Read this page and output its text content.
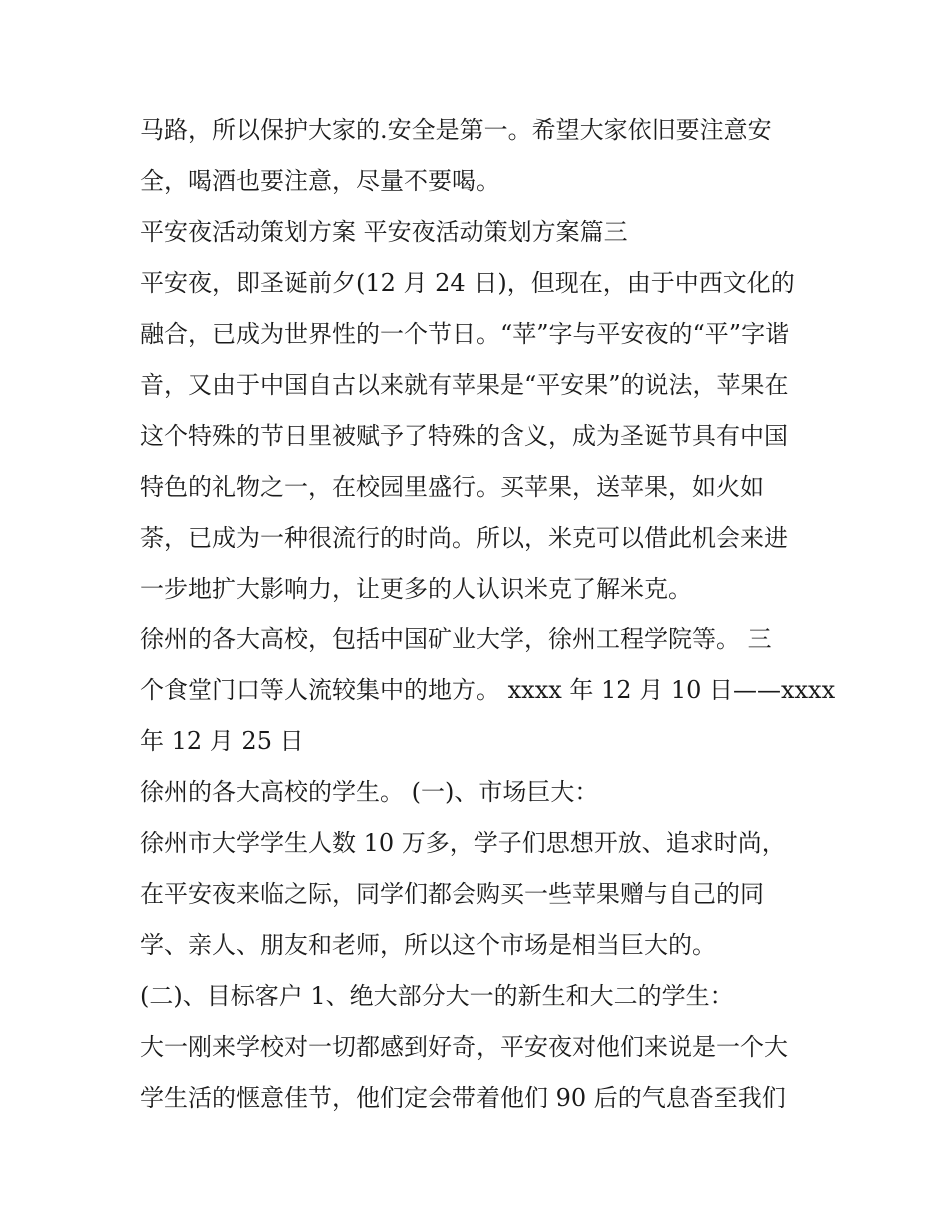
马路，所以保护大家的.安全是第一。希望大家依旧要注意安
全，喝酒也要注意，尽量不要喝。
平安夜活动策划方案 平安夜活动策划方案篇三
平安夜，即圣诞前夕(12 月 24 日)，但现在，由于中西文化的
融合，已成为世界性的一个节日。“苹”字与平安夜的“平”字谐
音，又由于中国自古以来就有苹果是“平安果”的说法，苹果在
这个特殊的节日里被赋予了特殊的含义，成为圣诞节具有中国
特色的礼物之一，在校园里盛行。买苹果，送苹果，如火如
荼，已成为一种很流行的时尚。所以，米克可以借此机会来进
一步地扩大影响力，让更多的人认识米克了解米克。
徐州的各大高校，包括中国矿业大学，徐州工程学院等。 三
个食堂门口等人流较集中的地方。 xxxx 年 12 月 10 日——xxxx
年 12 月 25 日
徐州的各大高校的学生。 (一)、市场巨大：
徐州市大学学生人数 10 万多，学子们思想开放、追求时尚，
在平安夜来临之际，同学们都会购买一些苹果赠与自己的同
学、亲人、朋友和老师，所以这个市场是相当巨大的。
(二)、目标客户 1、绝大部分大一的新生和大二的学生：
大一刚来学校对一切都感到好奇，平安夜对他们来说是一个大
学生活的惬意佳节，他们定会带着他们 90 后的气息沓至我们
